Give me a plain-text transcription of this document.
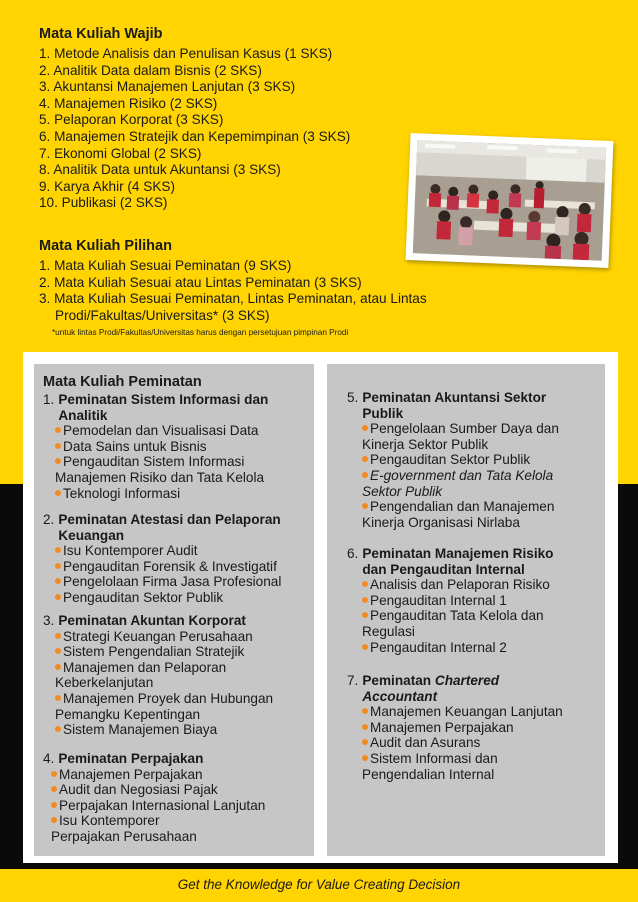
Mata Kuliah Wajib
1. Metode Analisis dan Penulisan Kasus (1 SKS)
2. Analitik Data dalam Bisnis (2 SKS)
3. Akuntansi Manajemen Lanjutan (3 SKS)
4. Manajemen Risiko (2 SKS)
5. Pelaporan Korporat (3 SKS)
6. Manajemen Stratejik dan Kepemimpinan (3 SKS)
7. Ekonomi Global (2 SKS)
8. Analitik Data untuk Akuntansi (3 SKS)
9. Karya Akhir (4 SKS)
10. Publikasi (2 SKS)
Mata Kuliah Pilihan
1. Mata Kuliah Sesuai Peminatan (9 SKS)
2. Mata Kuliah Sesuai atau Lintas Peminatan (3 SKS)
3. Mata Kuliah Sesuai Peminatan, Lintas Peminatan, atau Lintas Prodi/Fakultas/Universitas* (3 SKS)
*untuk lintas Prodi/Fakultas/Universitas harus dengan persetujuan pimpinan Prodi
Mata Kuliah Peminatan
1. Peminatan Sistem Informasi dan Analitik
Pemodelan dan Visualisasi Data
Data Sains untuk Bisnis
Pengauditan Sistem Informasi Manajemen Risiko dan Tata Kelola
Teknologi Informasi
2. Peminatan Atestasi dan Pelaporan Keuangan
Isu Kontemporer Audit
Pengauditan Forensik & Investigatif
Pengelolaan Firma Jasa Profesional
Pengauditan Sektor Publik
3. Peminatan Akuntan Korporat
Strategi Keuangan Perusahaan
Sistem Pengendalian Stratejik
Manajemen dan Pelaporan Keberkelanjutan
Manajemen Proyek dan Hubungan Pemangku Kepentingan
Sistem Manajemen Biaya
4. Peminatan Perpajakan
Manajemen Perpajakan
Audit dan Negosiasi Pajak
Perpajakan Internasional Lanjutan
Isu Kontemporer Perpajakan Perusahaan
5. Peminatan Akuntansi Sektor Publik
Pengelolaan Sumber Daya dan Kinerja Sektor Publik
Pengauditan Sektor Publik
E-government dan Tata Kelola Sektor Publik
Pengendalian dan Manajemen Kinerja Organisasi Nirlaba
6. Peminatan Manajemen Risiko dan Pengauditan Internal
Analisis dan Pelaporan Risiko
Pengauditan Internal 1
Pengauditan Tata Kelola dan Regulasi
Pengauditan Internal 2
7. Peminatan Chartered Accountant
Manajemen Keuangan Lanjutan
Manajemen Perpajakan
Audit dan Asurans
Sistem Informasi dan Pengendalian Internal
Get the Knowledge for Value Creating Decision
